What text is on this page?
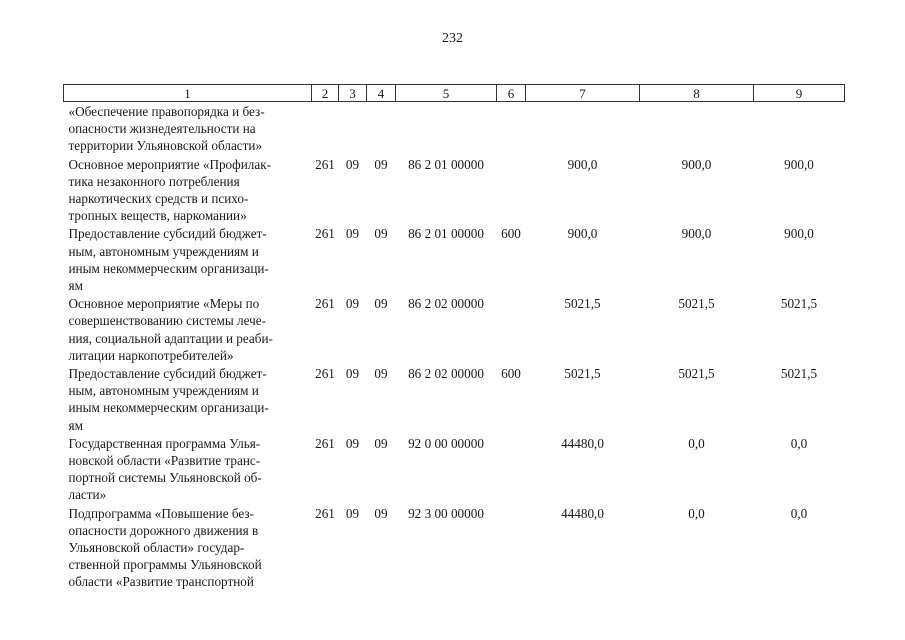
232
1	2	3	4	5	6	7	8	9

«Обеспечение правопорядка и без-
опасности жизнедеятельности на
территории Ульяновской области»								

Основное мероприятие «Профилак-
тика незаконного потребления
наркотических средств и психо-
тропных веществ, наркомании»	261	09	09	86 2 01 00000		900,0	900,0	900,0

Предоставление субсидий бюджет-
ным, автономным учреждениям и
иным некоммерческим организаци-
ям	261	09	09	86 2 01 00000	600	900,0	900,0	900,0

Основное мероприятие «Меры по
совершенствованию системы лече-
ния, социальной адаптации и реаби-
литации наркопотребителей»	261	09	09	86 2 02 00000		5021,5	5021,5	5021,5

Предоставление субсидий бюджет-
ным, автономным учреждениям и
иным некоммерческим организаци-
ям	261	09	09	86 2 02 00000	600	5021,5	5021,5	5021,5

Государственная программа Улья-
новской области «Развитие транс-
портной системы Ульяновской об-
ласти»	261	09	09	92 0 00 00000		44480,0	0,0	0,0

Подпрограмма «Повышение без-
опасности дорожного движения в
Ульяновской области» государ-
ственной программы Ульяновской
области «Развитие транспортной	261	09	09	92 3 00 00000		44480,0	0,0	0,0
